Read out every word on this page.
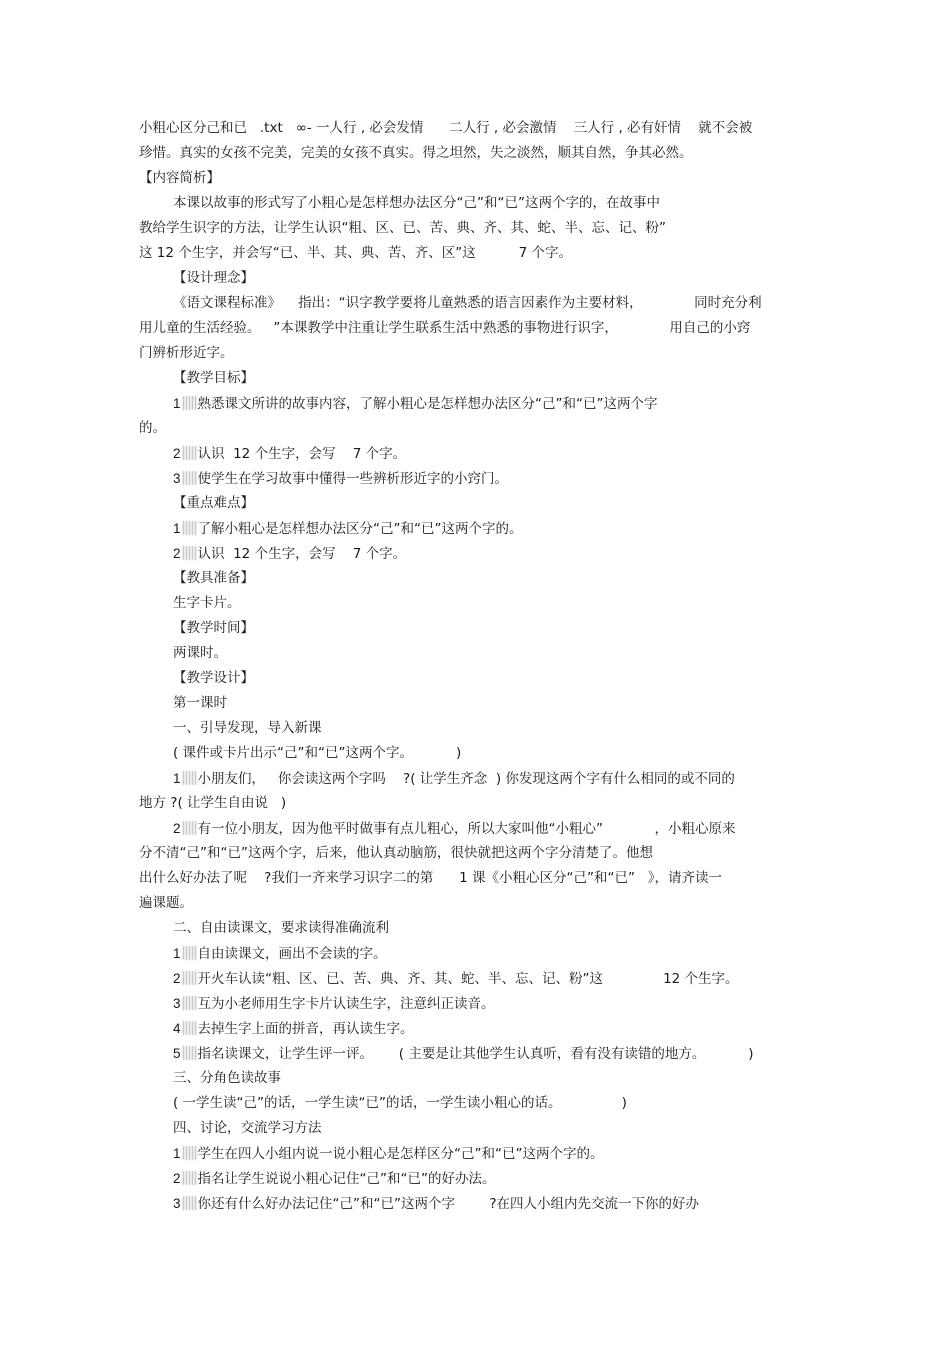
小粗心区分己和已   .txt   ∞- 一人行 , 必会发情      二人行 , 必会激情    三人行 , 必有奸情    就不会被
珍惜。真实的女孩不完美，完美的女孩不真实。得之坦然，失之淡然，顺其自然，争其必然。
【内容简析】
本课以故事的形式写了小粗心是怎样想办法区分“己”和“已”这两个字的，在故事中
教给学生识字的方法，让学生认识“粗、区、已、苦、典、齐、其、蛇、半、忘、记、粉”
这 12 个生字，并会写“已、半、其、典、苦、齐、区”这          7 个字。
【设计理念】
《语文课程标准》    指出：“识字教学要将儿童熟悉的语言因素作为主要材料，            同时充分利
用儿童的生活经验。   ”本课教学中注重让学生联系生活中熟悉的事物进行识字，            用自己的小窍
门辨析形近字。
【教学目标】
1 熟悉课文所讲的故事内容，了解小粗心是怎样想办法区分“己”和“已”这两个字
的。
2 认识  12 个生字，会写    7 个字。
3 使学生在学习故事中懂得一些辨析形近字的小窍门。
【重点难点】
1 了解小粗心是怎样想办法区分“己”和“已”这两个字的。
2 认识  12 个生字，会写    7 个字。
【教具准备】
生字卡片。
【教学时间】
两课时。
【教学设计】
第一课时
一、引导发现，导入新课
( 课件或卡片出示“己”和“已”这两个字。          )
1 小朋友们，   你会读这两个字吗    ?( 让学生齐念  ) 你发现这两个字有什么相同的或不同的
地方 ?( 让学生自由说   )
2 有一位小朋友，因为他平时做事有点儿粗心，所以大家叫他“小粗心”            ，小粗心原来
分不清“己”和“已”这两个字，后来，他认真动脑筋，很快就把这两个字分清楚了。他想
出什么好办法了呢    ?我们一齐来学习识字二的第      1 课《小粗心区分“己”和“已”   》，请齐读一
遍课题。
二、自由读课文，要求读得准确流利
1 自由读课文，画出不会读的字。
2 开火车认读“粗、区、已、苦、典、齐、其、蛇、半、忘、记、粉”这              12 个生字。
3 互为小老师用生字卡片认读生字，注意纠正读音。
4 去掉生字上面的拼音，再认读生字。
5 指名读课文，让学生评一评。      ( 主要是让其他学生认真听，看有没有读错的地方。          )
三、分角色读故事
( 一学生读“己”的话，一学生读“已”的话，一学生读小粗心的话。              )
四、讨论，交流学习方法
1 学生在四人小组内说一说小粗心是怎样区分“己”和“已”这两个字的。
2 指名让学生说说小粗心记住“己”和“已”的好办法。
3 你还有什么好办法记住“己”和“已”这两个字        ?在四人小组内先交流一下你的好办
